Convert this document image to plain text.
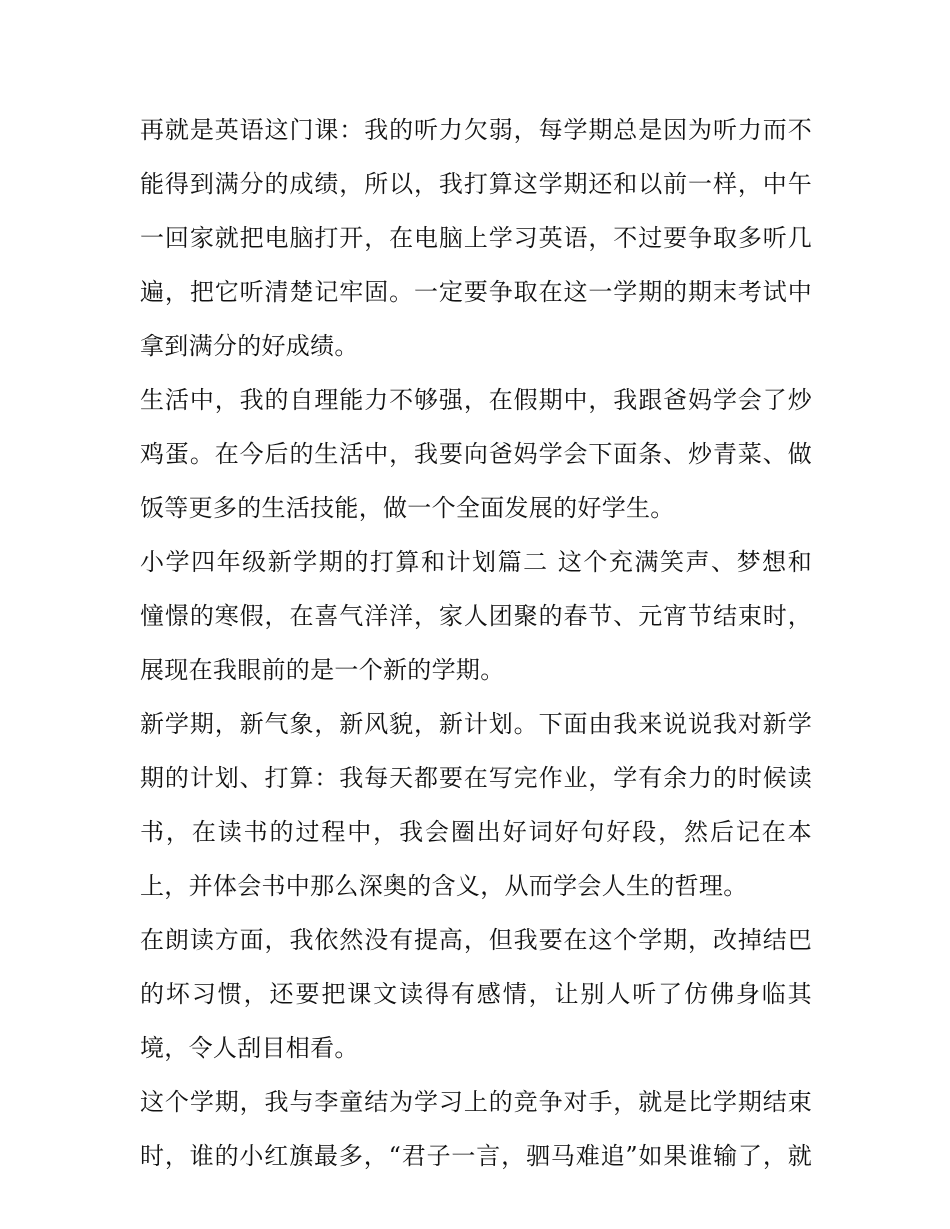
再就是英语这门课：我的听力欠弱，每学期总是因为听力而不
能得到满分的成绩，所以，我打算这学期还和以前一样，中午
一回家就把电脑打开，在电脑上学习英语，不过要争取多听几
遍，把它听清楚记牢固。一定要争取在这一学期的期末考试中
拿到满分的好成绩。
生活中，我的自理能力不够强，在假期中，我跟爸妈学会了炒
鸡蛋。在今后的生活中，我要向爸妈学会下面条、炒青菜、做
饭等更多的生活技能，做一个全面发展的好学生。
小学四年级新学期的打算和计划篇二 这个充满笑声、梦想和
憧憬的寒假，在喜气洋洋，家人团聚的春节、元宵节结束时，
展现在我眼前的是一个新的学期。
新学期，新气象，新风貌，新计划。下面由我来说说我对新学
期的计划、打算：我每天都要在写完作业，学有余力的时候读
书，在读书的过程中，我会圈出好词好句好段，然后记在本
上，并体会书中那么深奥的含义，从而学会人生的哲理。
在朗读方面，我依然没有提高，但我要在这个学期，改掉结巴
的坏习惯，还要把课文读得有感情，让别人听了仿佛身临其
境，令人刮目相看。
这个学期，我与李童结为学习上的竞争对手，就是比学期结束
时，谁的小红旗最多，“君子一言，驷马难追”如果谁输了，就
